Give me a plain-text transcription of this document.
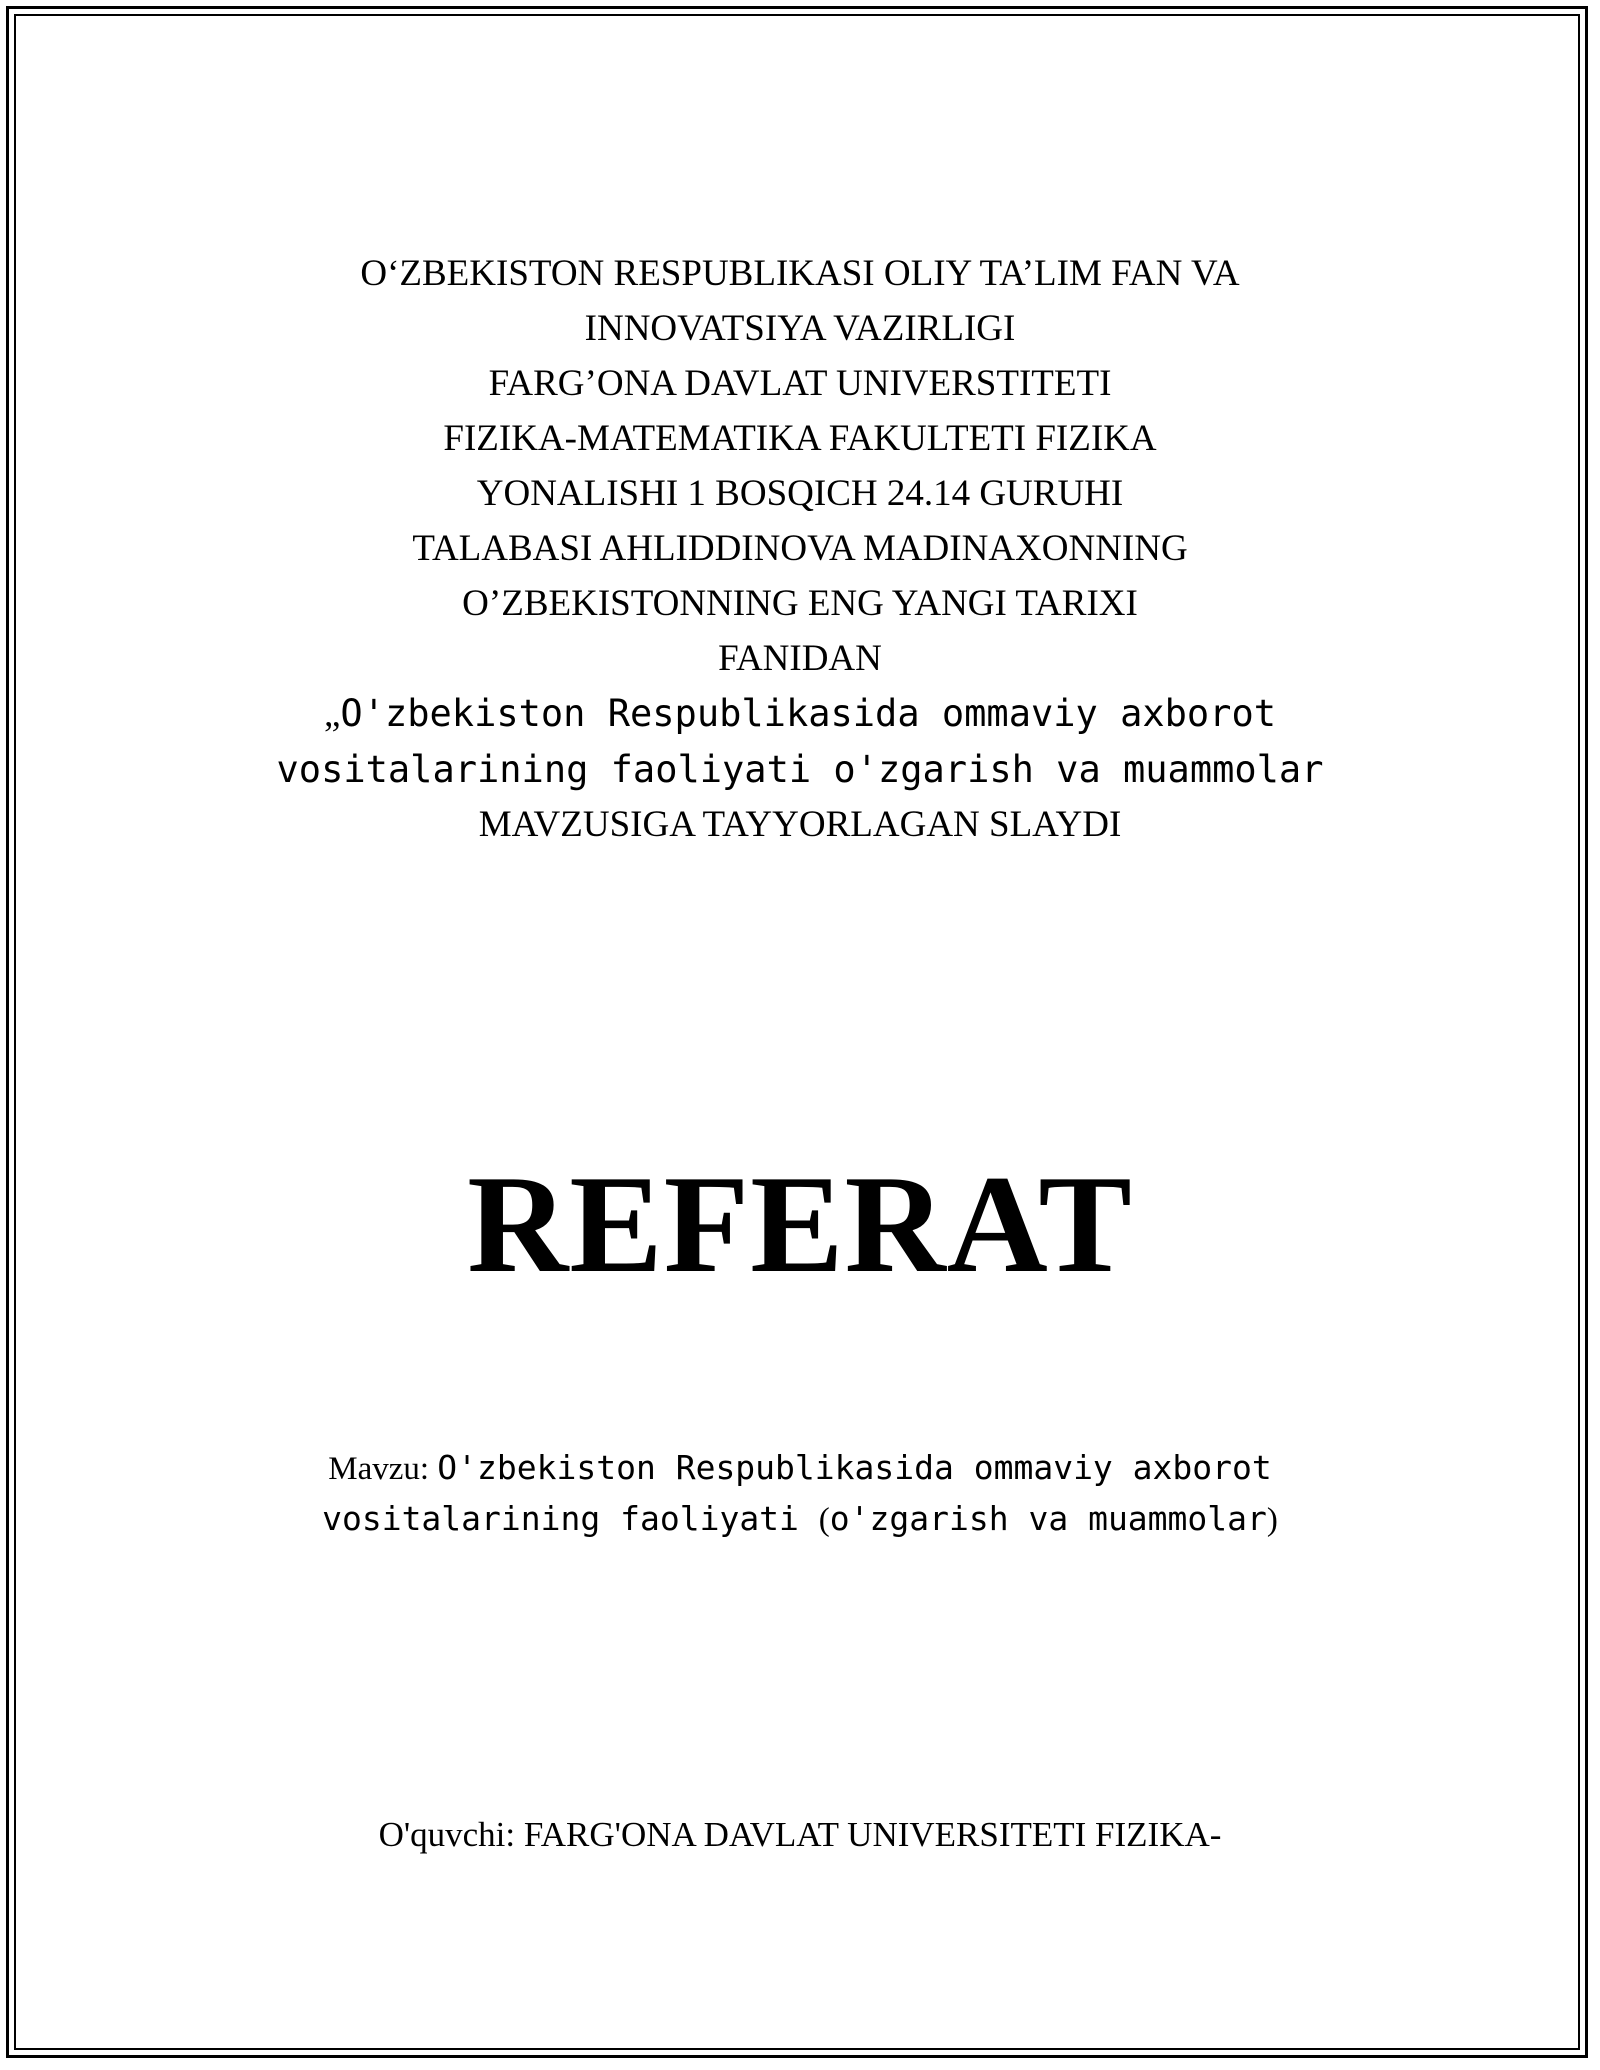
O‘ZBEKISTON RESPUBLIKASI OLIY TA’LIM FAN VA
INNOVATSIYA VAZIRLIGI
FARG’ONA DAVLAT UNIVERSTITETI
FIZIKA-MATEMATIKA FAKULTETI FIZIKA
YONALISHI 1 BOSQICH 24.14 GURUHI
TALABASI AHLIDDINOVA MADINAXONNING
O’ZBEKISTONNING ENG YANGI TARIXI
FANIDAN
„O'zbekiston Respublikasida ommaviy axborot
vositalarining faoliyati o'zgarish va muammolar
MAVZUSIGA TAYYORLAGAN SLAYDI
REFERAT
Mavzu: O'zbekiston Respublikasida ommaviy axborot
vositalarining faoliyati (o'zgarish va muammolar)
O'quvchi: FARG'ONA DAVLAT UNIVERSITETI FIZIKA-
